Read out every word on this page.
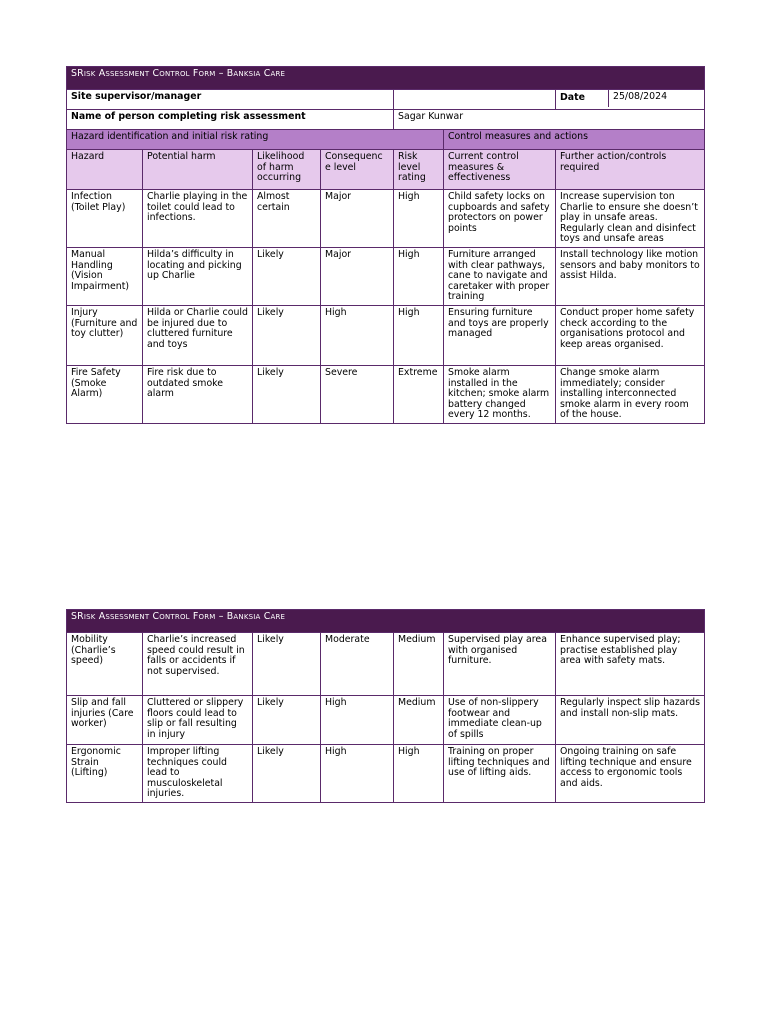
SRisk Assessment Control Form – Banksia Care						
Site supervisor/manager						Date 25/08/2024

Name of person completing risk assessment				Sagar Kunwar		
Hazard identification and initial risk rating					Control measures and actions	
Hazard	Potential harm	Likelihood of harm occurring	Consequenc e level	Risk level rating	Current control measures & effectiveness	Further action/controls required
Infection (Toilet Play)	Charlie playing in the toilet could lead to infections.	Almost certain	Major	High	Child safety locks on cupboards and safety protectors on power points	Increase supervision ton Charlie to ensure she doesn’t play in unsafe areas. Regularly clean and disinfect toys and unsafe areas
Manual Handling (Vision Impairment)	Hilda’s difficulty in locating and picking up Charlie	Likely	Major	High	Furniture arranged with clear pathways, cane to navigate and caretaker with proper training	Install technology like motion sensors and baby monitors to assist Hilda.
Injury (Furniture and toy clutter)	Hilda or Charlie could be injured due to cluttered furniture and toys	Likely	High	High	Ensuring furniture and toys are properly managed	Conduct proper home safety check according to the organisations protocol and keep areas organised.
Fire Safety (Smoke Alarm)	Fire risk due to outdated smoke alarm	Likely	Severe	Extreme	Smoke alarm installed in the kitchen; smoke alarm battery changed every 12 months.	Change smoke alarm immediately; consider installing interconnected smoke alarm in every room of the house.
SRisk Assessment Control Form – Banksia Care						
Mobility (Charlie’s speed)	Charlie’s increased speed could result in falls or accidents if not supervised.	Likely	Moderate	Medium	Supervised play area with organised furniture.	Enhance supervised play; practise established play area with safety mats.
Slip and fall injuries (Care worker)	Cluttered or slippery floors could lead to slip or fall resulting in injury	Likely	High	Medium	Use of non-slippery footwear and immediate clean-up of spills	Regularly inspect slip hazards and install non-slip mats.
Ergonomic Strain (Lifting)	Improper lifting techniques could lead to musculoskeletal injuries.	Likely	High	High	Training on proper lifting techniques and use of lifting aids.	Ongoing training on safe lifting technique and ensure access to ergonomic tools and aids.
